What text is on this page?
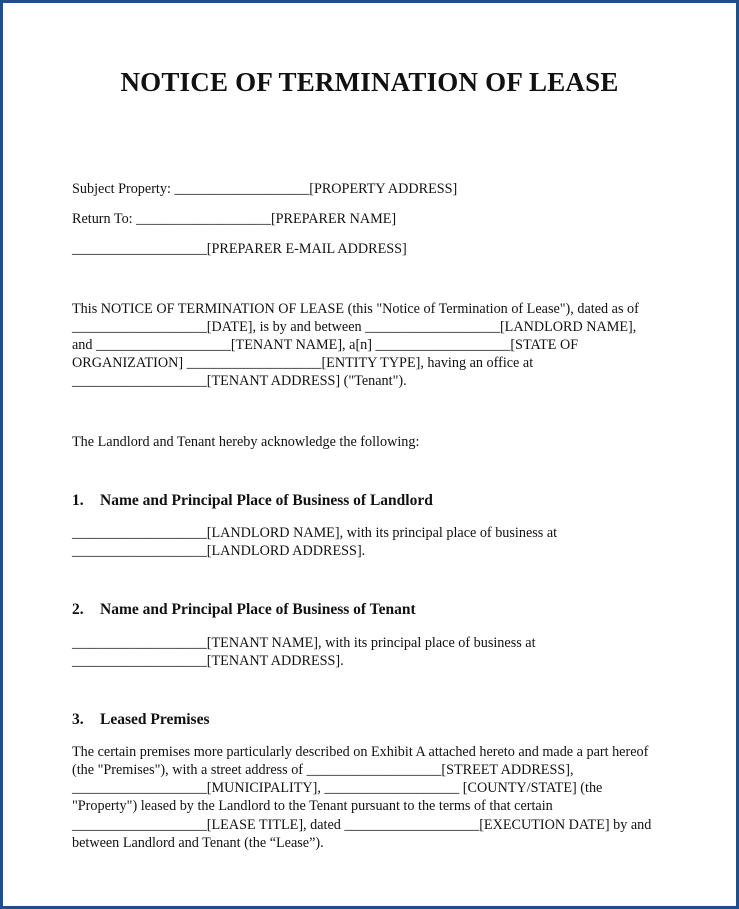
NOTICE OF TERMINATION OF LEASE
Subject Property: ___________________[PROPERTY ADDRESS]
Return To: ___________________[PREPARER NAME]
___________________[PREPARER E-MAIL ADDRESS]
This NOTICE OF TERMINATION OF LEASE (this "Notice of Termination of Lease"), dated as of
___________________[DATE], is by and between ___________________[LANDLORD NAME],
and ___________________[TENANT NAME], a[n] ___________________[STATE OF
ORGANIZATION] ___________________[ENTITY TYPE], having an office at
___________________[TENANT ADDRESS] ("Tenant").
The Landlord and Tenant hereby acknowledge the following:
1. Name and Principal Place of Business of Landlord
___________________[LANDLORD NAME], with its principal place of business at
___________________[LANDLORD ADDRESS].
2. Name and Principal Place of Business of Tenant
___________________[TENANT NAME], with its principal place of business at
___________________[TENANT ADDRESS].
3. Leased Premises
The certain premises more particularly described on Exhibit A attached hereto and made a part hereof
(the "Premises"), with a street address of ___________________[STREET ADDRESS],
___________________[MUNICIPALITY], ___________________ [COUNTY/STATE] (the
"Property") leased by the Landlord to the Tenant pursuant to the terms of that certain
___________________[LEASE TITLE], dated ___________________[EXECUTION DATE] by and
between Landlord and Tenant (the “Lease”).
